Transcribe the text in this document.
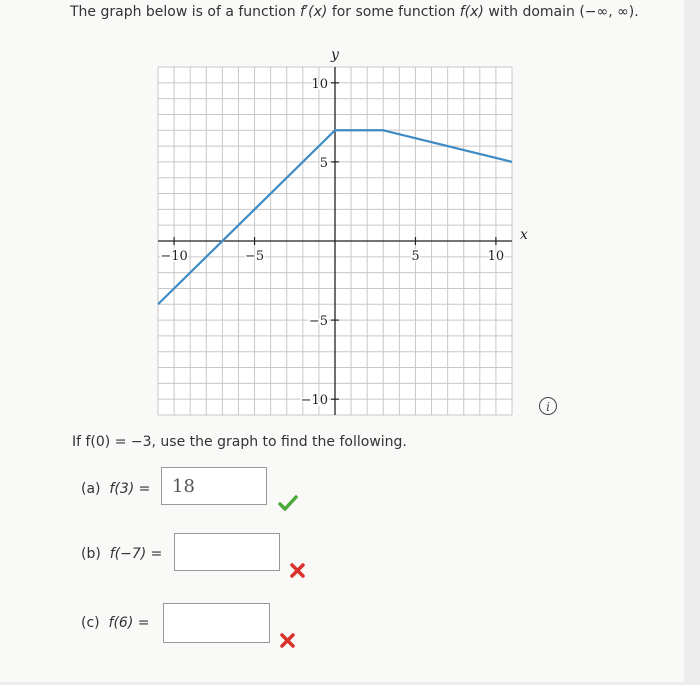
The graph below is of a function f′(x) for some function f(x) with domain (−∞, ∞).
x
y
−10	−5	5	10
10
5
−5
−10	i
If f(0) = −3, use the graph to find the following.
(a) f(3) =	18
(b) f(−7) =
(c) f(6) =
